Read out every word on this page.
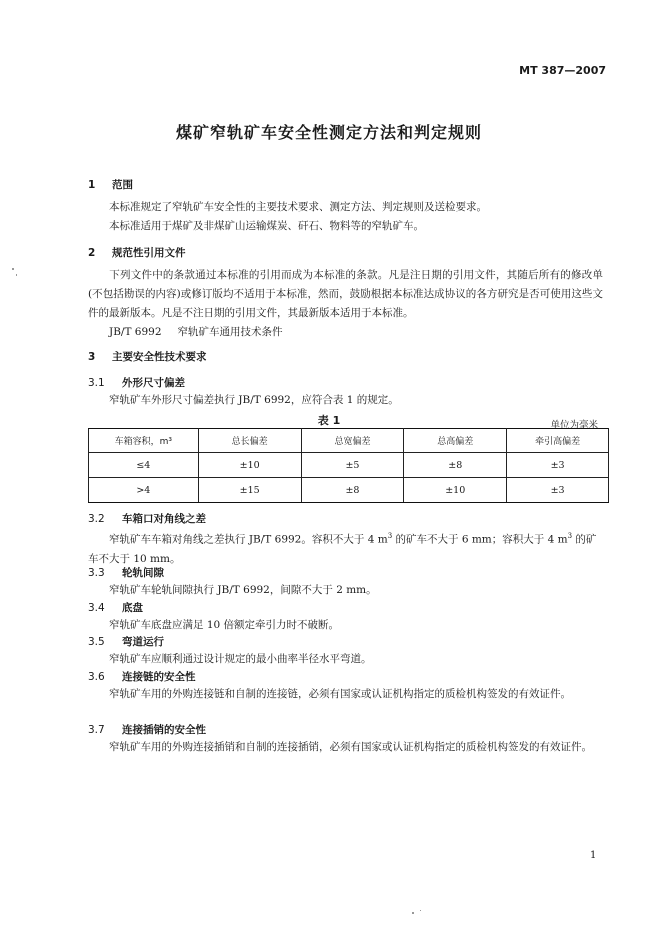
MT 387—2007
煤矿窄轨矿车安全性测定方法和判定规则
1 范围
本标准规定了窄轨矿车安全性的主要技术要求、测定方法、判定规则及送检要求。
本标准适用于煤矿及非煤矿山运输煤炭、矸石、物料等的窄轨矿车。
2 规范性引用文件
下列文件中的条款通过本标准的引用而成为本标准的条款。凡是注日期的引用文件，其随后所有的修改单(不包括勘误的内容)或修订版均不适用于本标准，然而，鼓励根据本标准达成协议的各方研究是否可使用这些文件的最新版本。凡是不注日期的引用文件，其最新版本适用于本标准。
JB/T 6992 窄轨矿车通用技术条件
3 主要安全性技术要求
3.1 外形尺寸偏差
窄轨矿车外形尺寸偏差执行 JB/T 6992，应符合表 1 的规定。
表 1	单位为毫米
车箱容积，m³	总长偏差	总宽偏差	总高偏差	牵引高偏差
≤4	±10	±5	±8	±3
>4	±15	±8	±10	±3
3.2 车箱口对角线之差
窄轨矿车车箱对角线之差执行 JB/T 6992。容积不大于 4 $m^3$ 的矿车不大于 6 mm；容积大于 4 $m^3$ 的矿车不大于 10 mm。
3.3 轮轨间隙
窄轨矿车轮轨间隙执行 JB/T 6992，间隙不大于 2 mm。
3.4 底盘
窄轨矿车底盘应满足 10 倍额定牵引力时不破断。
3.5 弯道运行
窄轨矿车应顺利通过设计规定的最小曲率半径水平弯道。
3.6 连接链的安全性
窄轨矿车用的外购连接链和自制的连接链，必须有国家或认证机构指定的质检机构签发的有效证件。
3.7 连接插销的安全性
窄轨矿车用的外购连接插销和自制的连接插销，必须有国家或认证机构指定的质检机构签发的有效证件。
1
